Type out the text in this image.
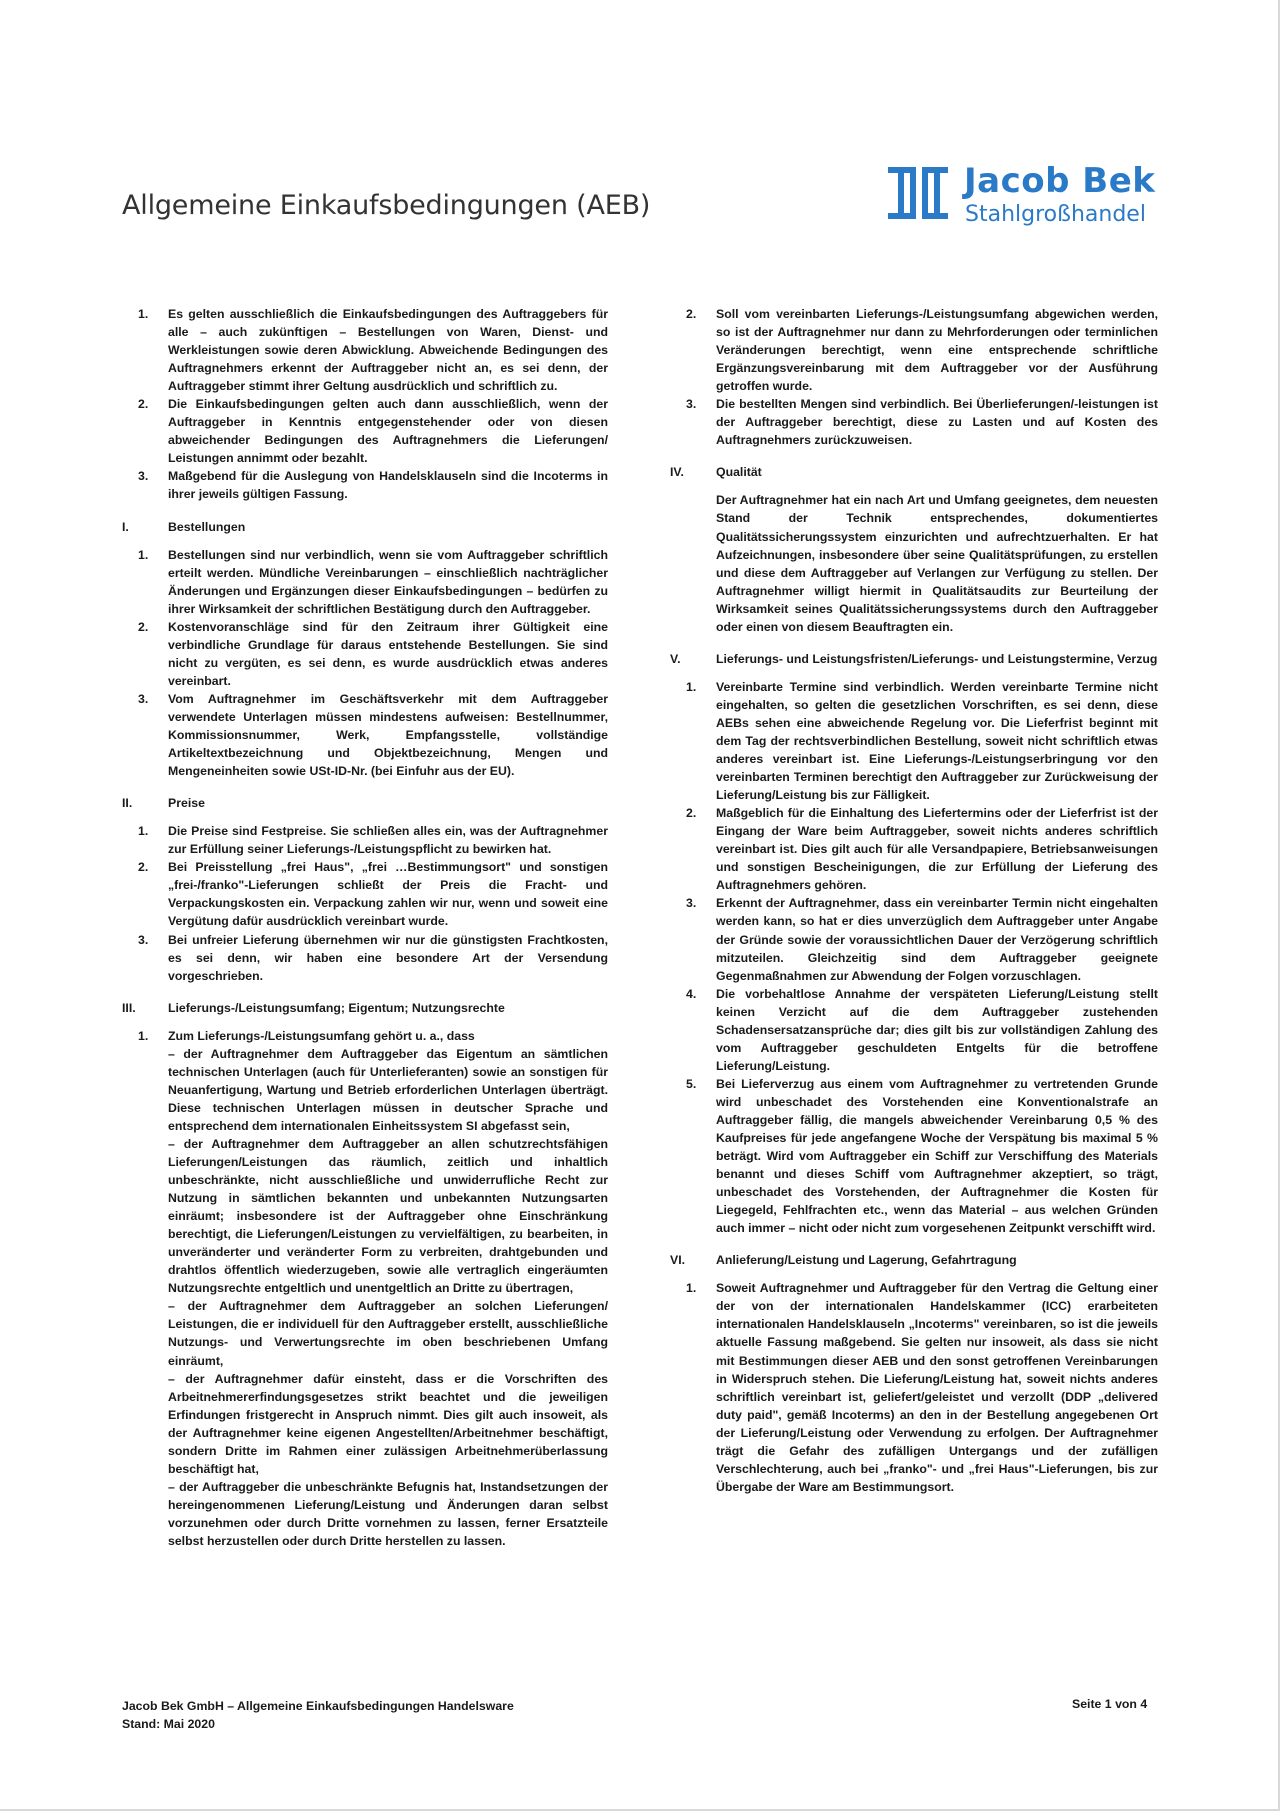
Allgemeine Einkaufsbedingungen (AEB)
Jacob Bek
Stahlgroßhandel
1. Es gelten ausschließlich die Einkaufsbedingungen des Auftraggebers für alle – auch zukünftigen – Bestellungen von Waren, Dienst- und Werkleistungen sowie deren Abwicklung. Abweichende Bedingungen des Auftragnehmers erkennt der Auftraggeber nicht an, es sei denn, der Auftraggeber stimmt ihrer Geltung ausdrücklich und schriftlich zu.
2. Die Einkaufsbedingungen gelten auch dann ausschließlich, wenn der Auftraggeber in Kenntnis entgegenstehender oder von diesen abweichender Bedingungen des Auftragnehmers die Lieferungen/ Leistungen annimmt oder bezahlt.
3. Maßgebend für die Auslegung von Handelsklauseln sind die Incoterms in ihrer jeweils gültigen Fassung.
I.	Bestellungen
1. Bestellungen sind nur verbindlich, wenn sie vom Auftraggeber schriftlich erteilt werden. Mündliche Vereinbarungen – einschließlich nachträglicher Änderungen und Ergänzungen dieser Einkaufsbedingungen – bedürfen zu ihrer Wirksamkeit der schriftlichen Bestätigung durch den Auftraggeber.
2. Kostenvoranschläge sind für den Zeitraum ihrer Gültigkeit eine verbindliche Grundlage für daraus entstehende Bestellungen. Sie sind nicht zu vergüten, es sei denn, es wurde ausdrücklich etwas anderes vereinbart.
3. Vom Auftragnehmer im Geschäftsverkehr mit dem Auftraggeber verwendete Unterlagen müssen mindestens aufweisen: Bestellnummer, Kommissionsnummer, Werk, Empfangsstelle, vollständige Artikeltextbezeichnung und Objektbezeichnung, Mengen und Mengeneinheiten sowie USt-ID-Nr. (bei Einfuhr aus der EU).
II.	Preise
1. Die Preise sind Festpreise. Sie schließen alles ein, was der Auftragnehmer zur Erfüllung seiner Lieferungs-/Leistungspflicht zu bewirken hat.
2. Bei Preisstellung „frei Haus", „frei …Bestimmungsort" und sonstigen „frei-/franko"-Lieferungen schließt der Preis die Fracht- und Verpackungskosten ein. Verpackung zahlen wir nur, wenn und soweit eine Vergütung dafür ausdrücklich vereinbart wurde.
3. Bei unfreier Lieferung übernehmen wir nur die günstigsten Frachtkosten, es sei denn, wir haben eine besondere Art der Versendung vorgeschrieben.
III.	Lieferungs-/Leistungsumfang; Eigentum; Nutzungsrechte
1. Zum Lieferungs-/Leistungsumfang gehört u. a., dass
– der Auftragnehmer dem Auftraggeber das Eigentum an sämtlichen technischen Unterlagen (auch für Unterlieferanten) sowie an sonstigen für Neuanfertigung, Wartung und Betrieb erforderlichen Unterlagen überträgt. Diese technischen Unterlagen müssen in deutscher Sprache und entsprechend dem internationalen Einheitssystem SI abgefasst sein,
– der Auftragnehmer dem Auftraggeber an allen schutzrechtsfähigen Lieferungen/Leistungen das räumlich, zeitlich und inhaltlich unbeschränkte, nicht ausschließliche und unwiderrufliche Recht zur Nutzung in sämtlichen bekannten und unbekannten Nutzungsarten einräumt; insbesondere ist der Auftraggeber ohne Einschränkung berechtigt, die Lieferungen/Leistungen zu vervielfältigen, zu bearbeiten, in unveränderter und veränderter Form zu verbreiten, drahtgebunden und drahtlos öffentlich wiederzugeben, sowie alle vertraglich eingeräumten Nutzungsrechte entgeltlich und unentgeltlich an Dritte zu übertragen,
– der Auftragnehmer dem Auftraggeber an solchen Lieferungen/ Leistungen, die er individuell für den Auftraggeber erstellt, ausschließliche Nutzungs- und Verwertungsrechte im oben beschriebenen Umfang einräumt,
– der Auftragnehmer dafür einsteht, dass er die Vorschriften des Arbeitnehmererfindungsgesetzes strikt beachtet und die jeweiligen Erfindungen fristgerecht in Anspruch nimmt. Dies gilt auch insoweit, als der Auftragnehmer keine eigenen Angestellten/Arbeitnehmer beschäftigt, sondern Dritte im Rahmen einer zulässigen Arbeitnehmerüberlassung beschäftigt hat,
– der Auftraggeber die unbeschränkte Befugnis hat, Instandsetzungen der hereingenommenen Lieferung/Leistung und Änderungen daran selbst vorzunehmen oder durch Dritte vornehmen zu lassen, ferner Ersatzteile selbst herzustellen oder durch Dritte herstellen zu lassen.
2. Soll vom vereinbarten Lieferungs-/Leistungsumfang abgewichen werden, so ist der Auftragnehmer nur dann zu Mehrforderungen oder terminlichen Veränderungen berechtigt, wenn eine entsprechende schriftliche Ergänzungsvereinbarung mit dem Auftraggeber vor der Ausführung getroffen wurde.
3. Die bestellten Mengen sind verbindlich. Bei Überlieferungen/-leistungen ist der Auftraggeber berechtigt, diese zu Lasten und auf Kosten des Auftragnehmers zurückzuweisen.
IV.	Qualität
Der Auftragnehmer hat ein nach Art und Umfang geeignetes, dem neuesten Stand der Technik entsprechendes, dokumentiertes Qualitätssicherungssystem einzurichten und aufrechtzuerhalten. Er hat Aufzeichnungen, insbesondere über seine Qualitätsprüfungen, zu erstellen und diese dem Auftraggeber auf Verlangen zur Verfügung zu stellen. Der Auftragnehmer willigt hiermit in Qualitätsaudits zur Beurteilung der Wirksamkeit seines Qualitätssicherungssystems durch den Auftraggeber oder einen von diesem Beauftragten ein.
V.	Lieferungs- und Leistungsfristen/Lieferungs- und Leistungstermine, Verzug
1. Vereinbarte Termine sind verbindlich. Werden vereinbarte Termine nicht eingehalten, so gelten die gesetzlichen Vorschriften, es sei denn, diese AEBs sehen eine abweichende Regelung vor. Die Lieferfrist beginnt mit dem Tag der rechtsverbindlichen Bestellung, soweit nicht schriftlich etwas anderes vereinbart ist. Eine Lieferungs-/Leistungserbringung vor den vereinbarten Terminen berechtigt den Auftraggeber zur Zurückweisung der Lieferung/Leistung bis zur Fälligkeit.
2. Maßgeblich für die Einhaltung des Liefertermins oder der Lieferfrist ist der Eingang der Ware beim Auftraggeber, soweit nichts anderes schriftlich vereinbart ist. Dies gilt auch für alle Versandpapiere, Betriebsanweisungen und sonstigen Bescheinigungen, die zur Erfüllung der Lieferung des Auftragnehmers gehören.
3. Erkennt der Auftragnehmer, dass ein vereinbarter Termin nicht eingehalten werden kann, so hat er dies unverzüglich dem Auftraggeber unter Angabe der Gründe sowie der voraussichtlichen Dauer der Verzögerung schriftlich mitzuteilen. Gleichzeitig sind dem Auftraggeber geeignete Gegenmaßnahmen zur Abwendung der Folgen vorzuschlagen.
4. Die vorbehaltlose Annahme der verspäteten Lieferung/Leistung stellt keinen Verzicht auf die dem Auftraggeber zustehenden Schadensersatzansprüche dar; dies gilt bis zur vollständigen Zahlung des vom Auftraggeber geschuldeten Entgelts für die betroffene Lieferung/Leistung.
5. Bei Lieferverzug aus einem vom Auftragnehmer zu vertretenden Grunde wird unbeschadet des Vorstehenden eine Konventionalstrafe an Auftraggeber fällig, die mangels abweichender Vereinbarung 0,5 % des Kaufpreises für jede angefangene Woche der Verspätung bis maximal 5 % beträgt. Wird vom Auftraggeber ein Schiff zur Verschiffung des Materials benannt und dieses Schiff vom Auftragnehmer akzeptiert, so trägt, unbeschadet des Vorstehenden, der Auftragnehmer die Kosten für Liegegeld, Fehlfrachten etc., wenn das Material – aus welchen Gründen auch immer – nicht oder nicht zum vorgesehenen Zeitpunkt verschifft wird.
VI.	Anlieferung/Leistung und Lagerung, Gefahrtragung
1. Soweit Auftragnehmer und Auftraggeber für den Vertrag die Geltung einer der von der internationalen Handelskammer (ICC) erarbeiteten internationalen Handelsklauseln „Incoterms" vereinbaren, so ist die jeweils aktuelle Fassung maßgebend. Sie gelten nur insoweit, als dass sie nicht mit Bestimmungen dieser AEB und den sonst getroffenen Vereinbarungen in Widerspruch stehen. Die Lieferung/Leistung hat, soweit nichts anderes schriftlich vereinbart ist, geliefert/geleistet und verzollt (DDP „delivered duty paid", gemäß Incoterms) an den in der Bestellung angegebenen Ort der Lieferung/Leistung oder Verwendung zu erfolgen. Der Auftragnehmer trägt die Gefahr des zufälligen Untergangs und der zufälligen Verschlechterung, auch bei „franko"- und „frei Haus"-Lieferungen, bis zur Übergabe der Ware am Bestimmungsort.
Jacob Bek GmbH – Allgemeine Einkaufsbedingungen Handelsware
Stand: Mai 2020
Seite 1 von 4
